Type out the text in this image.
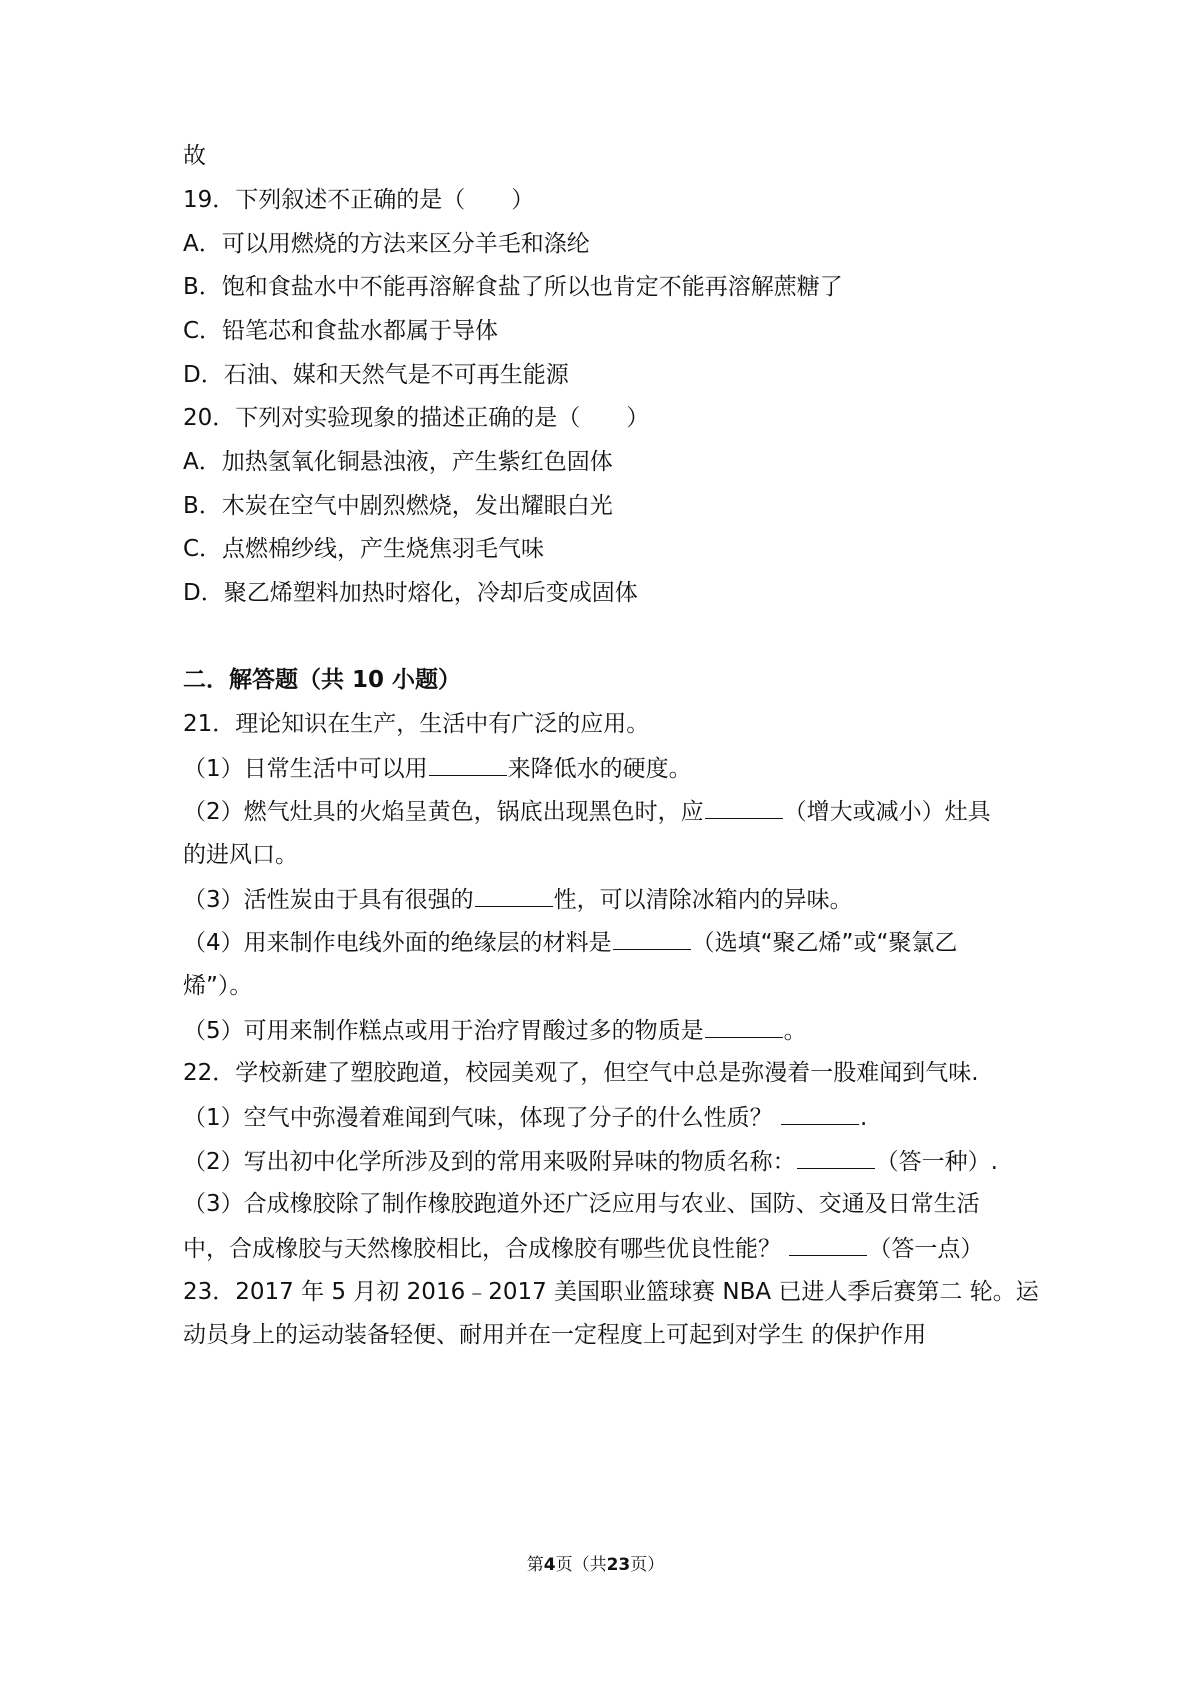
故
19．下列叙述不正确的是（　　）
A．可以用燃烧的方法来区分羊毛和涤纶
B．饱和食盐水中不能再溶解食盐了所以也肯定不能再溶解蔗糖了
C．铅笔芯和食盐水都属于导体
D．石油、媒和天然气是不可再生能源
20．下列对实验现象的描述正确的是（　　）
A．加热氢氧化铜悬浊液，产生紫红色固体
B．木炭在空气中剧烈燃烧，发出耀眼白光
C．点燃棉纱线，产生烧焦羽毛气味
D．聚乙烯塑料加热时熔化，冷却后变成固体
二．解答题（共 10 小题）
21．理论知识在生产，生活中有广泛的应用。
（1）日常生活中可以用	来降低水的硬度。
（2）燃气灶具的火焰呈黄色，锅底出现黑色时，应	（增大或减小）灶具
的进风口。
（3）活性炭由于具有很强的	性，可以清除冰箱内的异味。
（4）用来制作电线外面的绝缘层的材料是	（选填“聚乙烯”或“聚氯乙
烯”）。
（5）可用来制作糕点或用于治疗胃酸过多的物质是	。
22．学校新建了塑胶跑道，校园美观了，但空气中总是弥漫着一股难闻到气味.
（1）空气中弥漫着难闻到气味，体现了分子的什么性质？	.
（2）写出初中化学所涉及到的常用来吸附异味的物质名称：	（答一种）.
（3）合成橡胶除了制作橡胶跑道外还广泛应用与农业、国防、交通及日常生活
中，合成橡胶与天然橡胶相比，合成橡胶有哪些优良性能？	（答一点）
23．2017 年 5 月初 2016﹣2017 美国职业篮球赛 NBA 已进人季后赛第二 轮。运
动员身上的运动装备轻便、耐用并在一定程度上可起到对学生 的保护作用
第4页（共23页）
